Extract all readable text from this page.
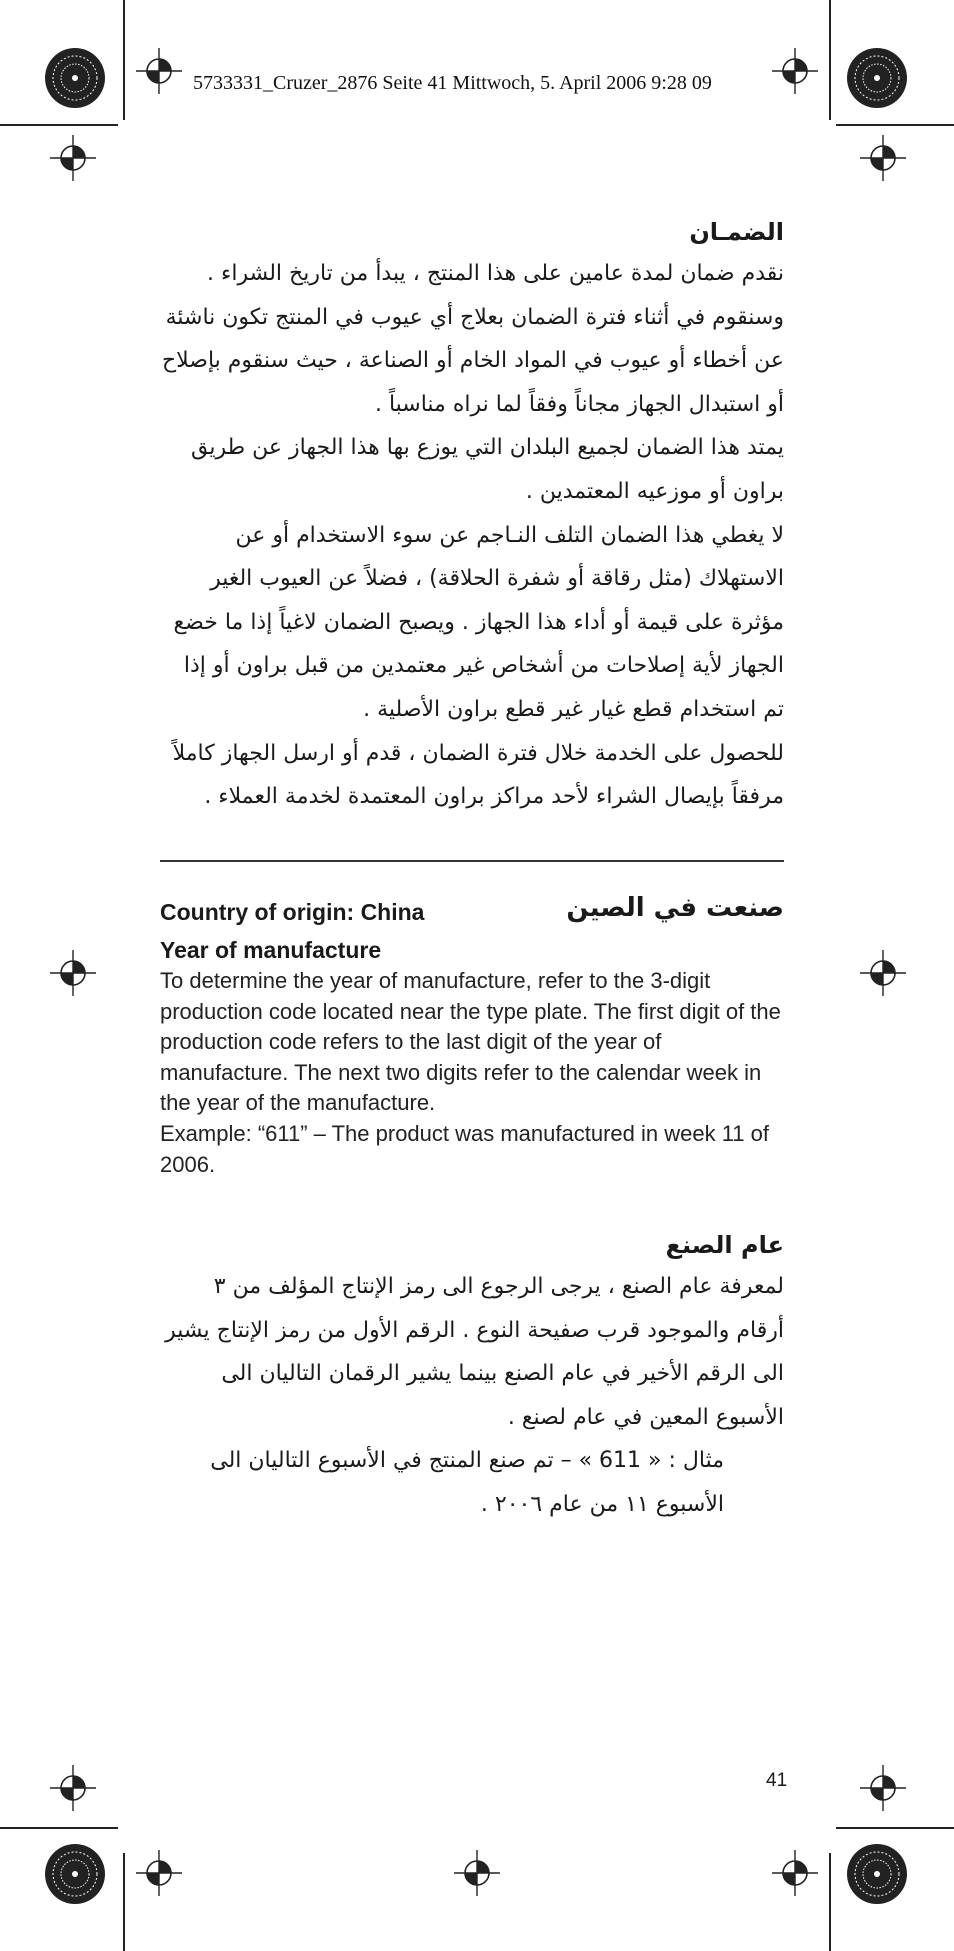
5733331_Cruzer_2876 Seite 41 Mittwoch, 5. April 2006 9:28 09
الضمـان

نقدم ضمان لمدة عامين على هذا المنتج ، يبدأ من تاريخ الشراء . وسنقوم في أثناء فترة الضمان بعلاج أي عيوب في المنتج تكون ناشئة عن أخطاء أو عيوب في المواد الخام أو الصناعة ، حيث سنقوم بإصلاح أو استبدال الجهاز مجاناً وفقاً لما نراه مناسباً .

يمتد هذا الضمان لجميع البلدان التي يوزع بها هذا الجهاز عن طريق براون أو موزعيه المعتمدين .

لا يغطي هذا الضمان التلف النـاجم عن سوء الاستخدام أو عن الاستهلاك (مثل رقاقة أو شفرة الحلاقة) ، فضلاً عن العيوب الغير مؤثرة على قيمة أو أداء هذا الجهاز . ويصبح الضمان لاغياً إذا ما خضع الجهاز لأية إصلاحات من أشخاص غير معتمدين من قبل براون أو إذا تم استخدام قطع غيار غير قطع براون الأصلية .

للحصول على الخدمة خلال فترة الضمان ، قدم أو ارسل الجهاز كاملاً مرفقاً بإيصال الشراء لأحد مراكز براون المعتمدة لخدمة العملاء .

Country of origin: China	صنعت في الصين
Year of manufacture

To determine the year of manufacture, refer to the 3-digit production code located near the type plate. The first digit of the production code refers to the last digit of the year of manufacture. The next two digits refer to the calendar week in the year of the manufacture.

Example: “611” – The product was manufactured in week 11 of 2006.

عام الصنع

لمعرفة عام الصنع ، يرجى الرجوع الى رمز الإنتاج المؤلف من ٣ أرقام والموجود قرب صفيحة النوع . الرقم الأول من رمز الإنتاج يشير الى الرقم الأخير في عام الصنع بينما يشير الرقمان التاليان الى الأسبوع المعين في عام لصنع .

مثال : « 611 » – تم صنع المنتج في الأسبوع التاليان الى الأسبوع ١١ من عام ٢٠٠٦ .

41
